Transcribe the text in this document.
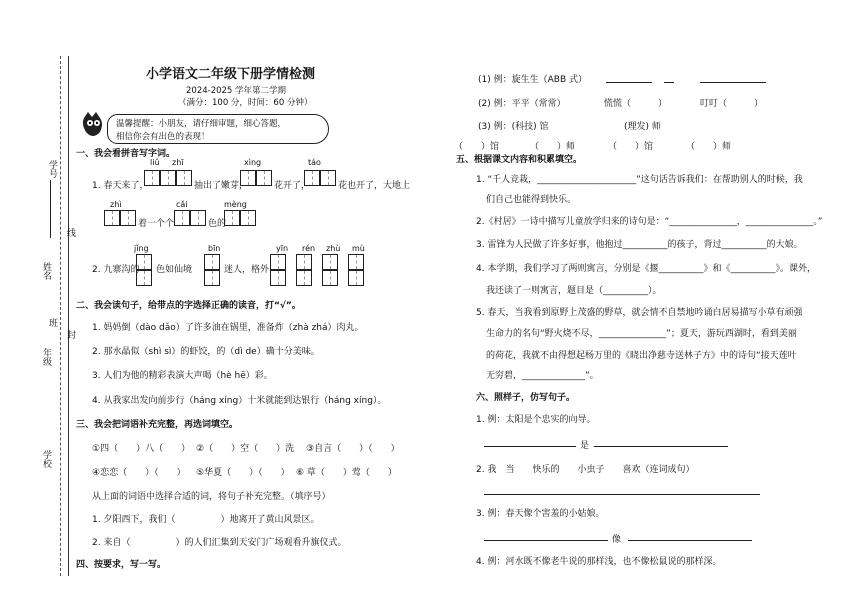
学号
线
姓名
班
封
年级
学校
小学语文二年级下册学情检测
2024-2025 学年第二学期
（满分：100 分，时间：60 分钟）
温馨提醒：小朋友，请仔细审题，细心答题，
相信你会有出色的表现！
一、我会看拼音写字词。
liǔ zhī	xìng	táo
1. 春天来了，	抽出了嫩芽，	花开了，	花也开了，大地上
zhì	cǎi	mèng
着一个个	色的
jǐng	bīn	yīn rén zhù mù
2. 九寨沟的 色如仙境	迷人，格外
二、我会读句子，给带点的字选择正确的读音，打“√”。
1. 妈妈倒（dào dǎo）了许多油在锅里，准备炸（zhà zhá）肉丸。
2. 那水晶似（shì sì）的虾饺，的（dì de）确十分美味。
3. 人们为他的精彩表演大声喝（hè hē）彩。
4. 从我家出发向前步行（háng xíng）十米就能到达银行（háng xíng）。
三、我会把词语补充完整，再选词填空。
①四（　　）八（　　） ②（　　）空（　　）洗 ③自言（　　）（　　）
④恋恋（　　）（　　） ⑤华夏（　　）（　　） ⑥ 草（　　）莺（　　）
从上面的词语中选择合适的词，将句子补充完整。（填序号）
1. 夕阳西下，我们（　　　　　）地离开了黄山风景区。
2. 来自（　　　　　）的人们汇集到天安门广场观看升旗仪式。
四、按要求，写一写。
(1) 例：旋生生（ABB 式）
(2) 例：平平（常常）	慌慌（　　　）	叮叮（　　　）
(3) 例：(科技) 馆	(理发) 师
（　　）馆	（　　）师	（　　）馆	（　　）师
五、根据课文内容和积累填空。
1. “千人竞栽，______________________”这句话告诉我们：在帮助别人的时候，我
们自己也能得到快乐。
2.《村居》一诗中描写儿童放学归来的诗句是：“_______________，_______________。”
3. 雷锋为人民做了许多好事，他抱过__________的孩子，背过__________的大娘。
4. 本学期，我们学习了两则寓言，分别是《揠__________》和《__________》。课外，
我还读了一则寓言，题目是（__________）。
5. 春天，当我看到原野上茂盛的野草，就会情不自禁地吟诵白居易描写小草有顽强
生命力的名句“野火烧不尽，_______________”；夏天，游玩西湖时，看到美丽
的荷花，我就不由得想起杨万里的《晓出净慈寺送林子方》中的诗句“接天莲叶
无穷碧，______________”。
六、照样子，仿写句子。
1. 例：太阳是个忠实的向导。
是
2. 我　当　　快乐的　　小虫子　　喜欢（连词成句）
3. 例：春天像个害羞的小姑娘。
像
4. 例：河水既不像老牛说的那样浅，也不像松鼠说的那样深。
